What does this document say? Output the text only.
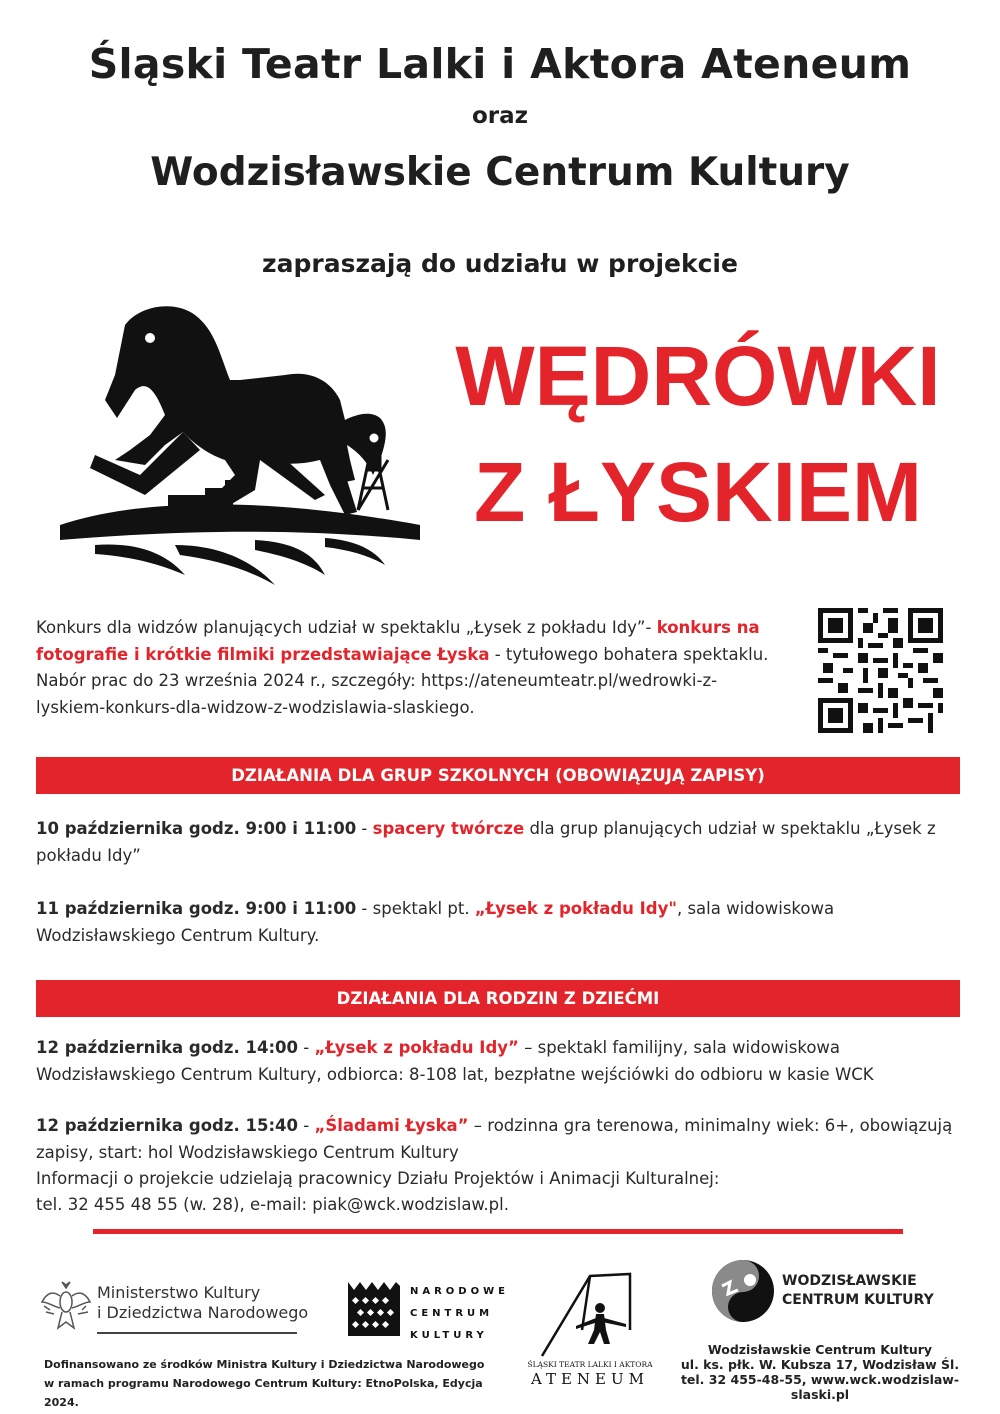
Śląski Teatr Lalki i Aktora Ateneum
oraz
Wodzisławskie Centrum Kultury
zapraszają do udziału w projekcie
WĘDRÓWKI
Z ŁYSKIEM
Konkurs dla widzów planujących udział w spektaklu „Łysek z pokładu Idy”- konkurs na fotografie i krótkie filmiki przedstawiające Łyska - tytułowego bohatera spektaklu. Nabór prac do 23 września 2024 r., szczegóły: https://ateneumteatr.pl/wedrowki-z-lyskiem-konkurs-dla-widzow-z-wodzislawia-slaskiego.
DZIAŁANIA DLA GRUP SZKOLNYCH (OBOWIĄZUJĄ ZAPISY)
10 października godz. 9:00 i 11:00 - spacery twórcze dla grup planujących udział w spektaklu „Łysek z pokładu Idy”
11 października godz. 9:00 i 11:00 - spektakl pt. „Łysek z pokładu Idy", sala widowiskowa Wodzisławskiego Centrum Kultury.
DZIAŁANIA DLA RODZIN Z DZIEĆMI
12 października godz. 14:00 - „Łysek z pokładu Idy” – spektakl familijny, sala widowiskowa Wodzisławskiego Centrum Kultury, odbiorca: 8-108 lat, bezpłatne wejściówki do odbioru w kasie WCK
12 października godz. 15:40 - „Śladami Łyska” – rodzinna gra terenowa, minimalny wiek: 6+, obowiązują zapisy, start: hol Wodzisławskiego Centrum Kultury
Informacji o projekcie udzielają pracownicy Działu Projektów i Animacji Kulturalnej:
tel. 32 455 48 55 (w. 28), e-mail: piak@wck.wodzislaw.pl.
Ministerstwo Kultury
i Dziedzictwa Narodowego
NARODOWE
CENTRUM
KULTURY
Dofinansowano ze środków Ministra Kultury i Dziedzictwa Narodowego
w ramach programu Narodowego Centrum Kultury: EtnoPolska, Edycja 2024.
ŚLĄSKI TEATR LALKI I AKTORA
ATENEUM
WODZISŁAWSKIE
CENTRUM KULTURY
Wodzisławskie Centrum Kultury
ul. ks. płk. W. Kubsza 17, Wodzisław Śl.
tel. 32 455-48-55, www.wck.wodzislaw-slaski.pl
